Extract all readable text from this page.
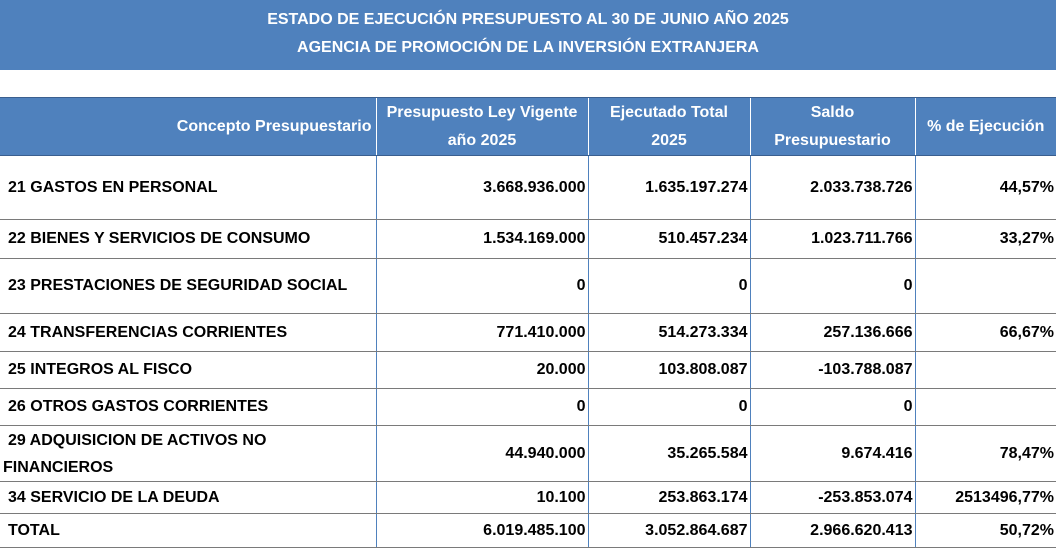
ESTADO DE EJECUCIÓN PRESUPUESTO AL 30 DE JUNIO AÑO 2025
AGENCIA DE PROMOCIÓN DE LA INVERSIÓN EXTRANJERA
Concepto Presupuestario	Presupuesto Ley Vigente año 2025	Ejecutado Total 2025	Saldo Presupuestario	% de Ejecución
21 GASTOS EN PERSONAL	3.668.936.000	1.635.197.274	2.033.738.726	44,57%
22 BIENES Y SERVICIOS DE CONSUMO	1.534.169.000	510.457.234	1.023.711.766	33,27%
23 PRESTACIONES DE SEGURIDAD SOCIAL	0	0	0	
24 TRANSFERENCIAS CORRIENTES	771.410.000	514.273.334	257.136.666	66,67%
25 INTEGROS AL FISCO	20.000	103.808.087	-103.788.087	
26 OTROS GASTOS CORRIENTES	0	0	0	
29 ADQUISICION DE ACTIVOS NO FINANCIEROS	44.940.000	35.265.584	9.674.416	78,47%
34 SERVICIO DE LA DEUDA	10.100	253.863.174	-253.853.074	2513496,77%
TOTAL	6.019.485.100	3.052.864.687	2.966.620.413	50,72%
